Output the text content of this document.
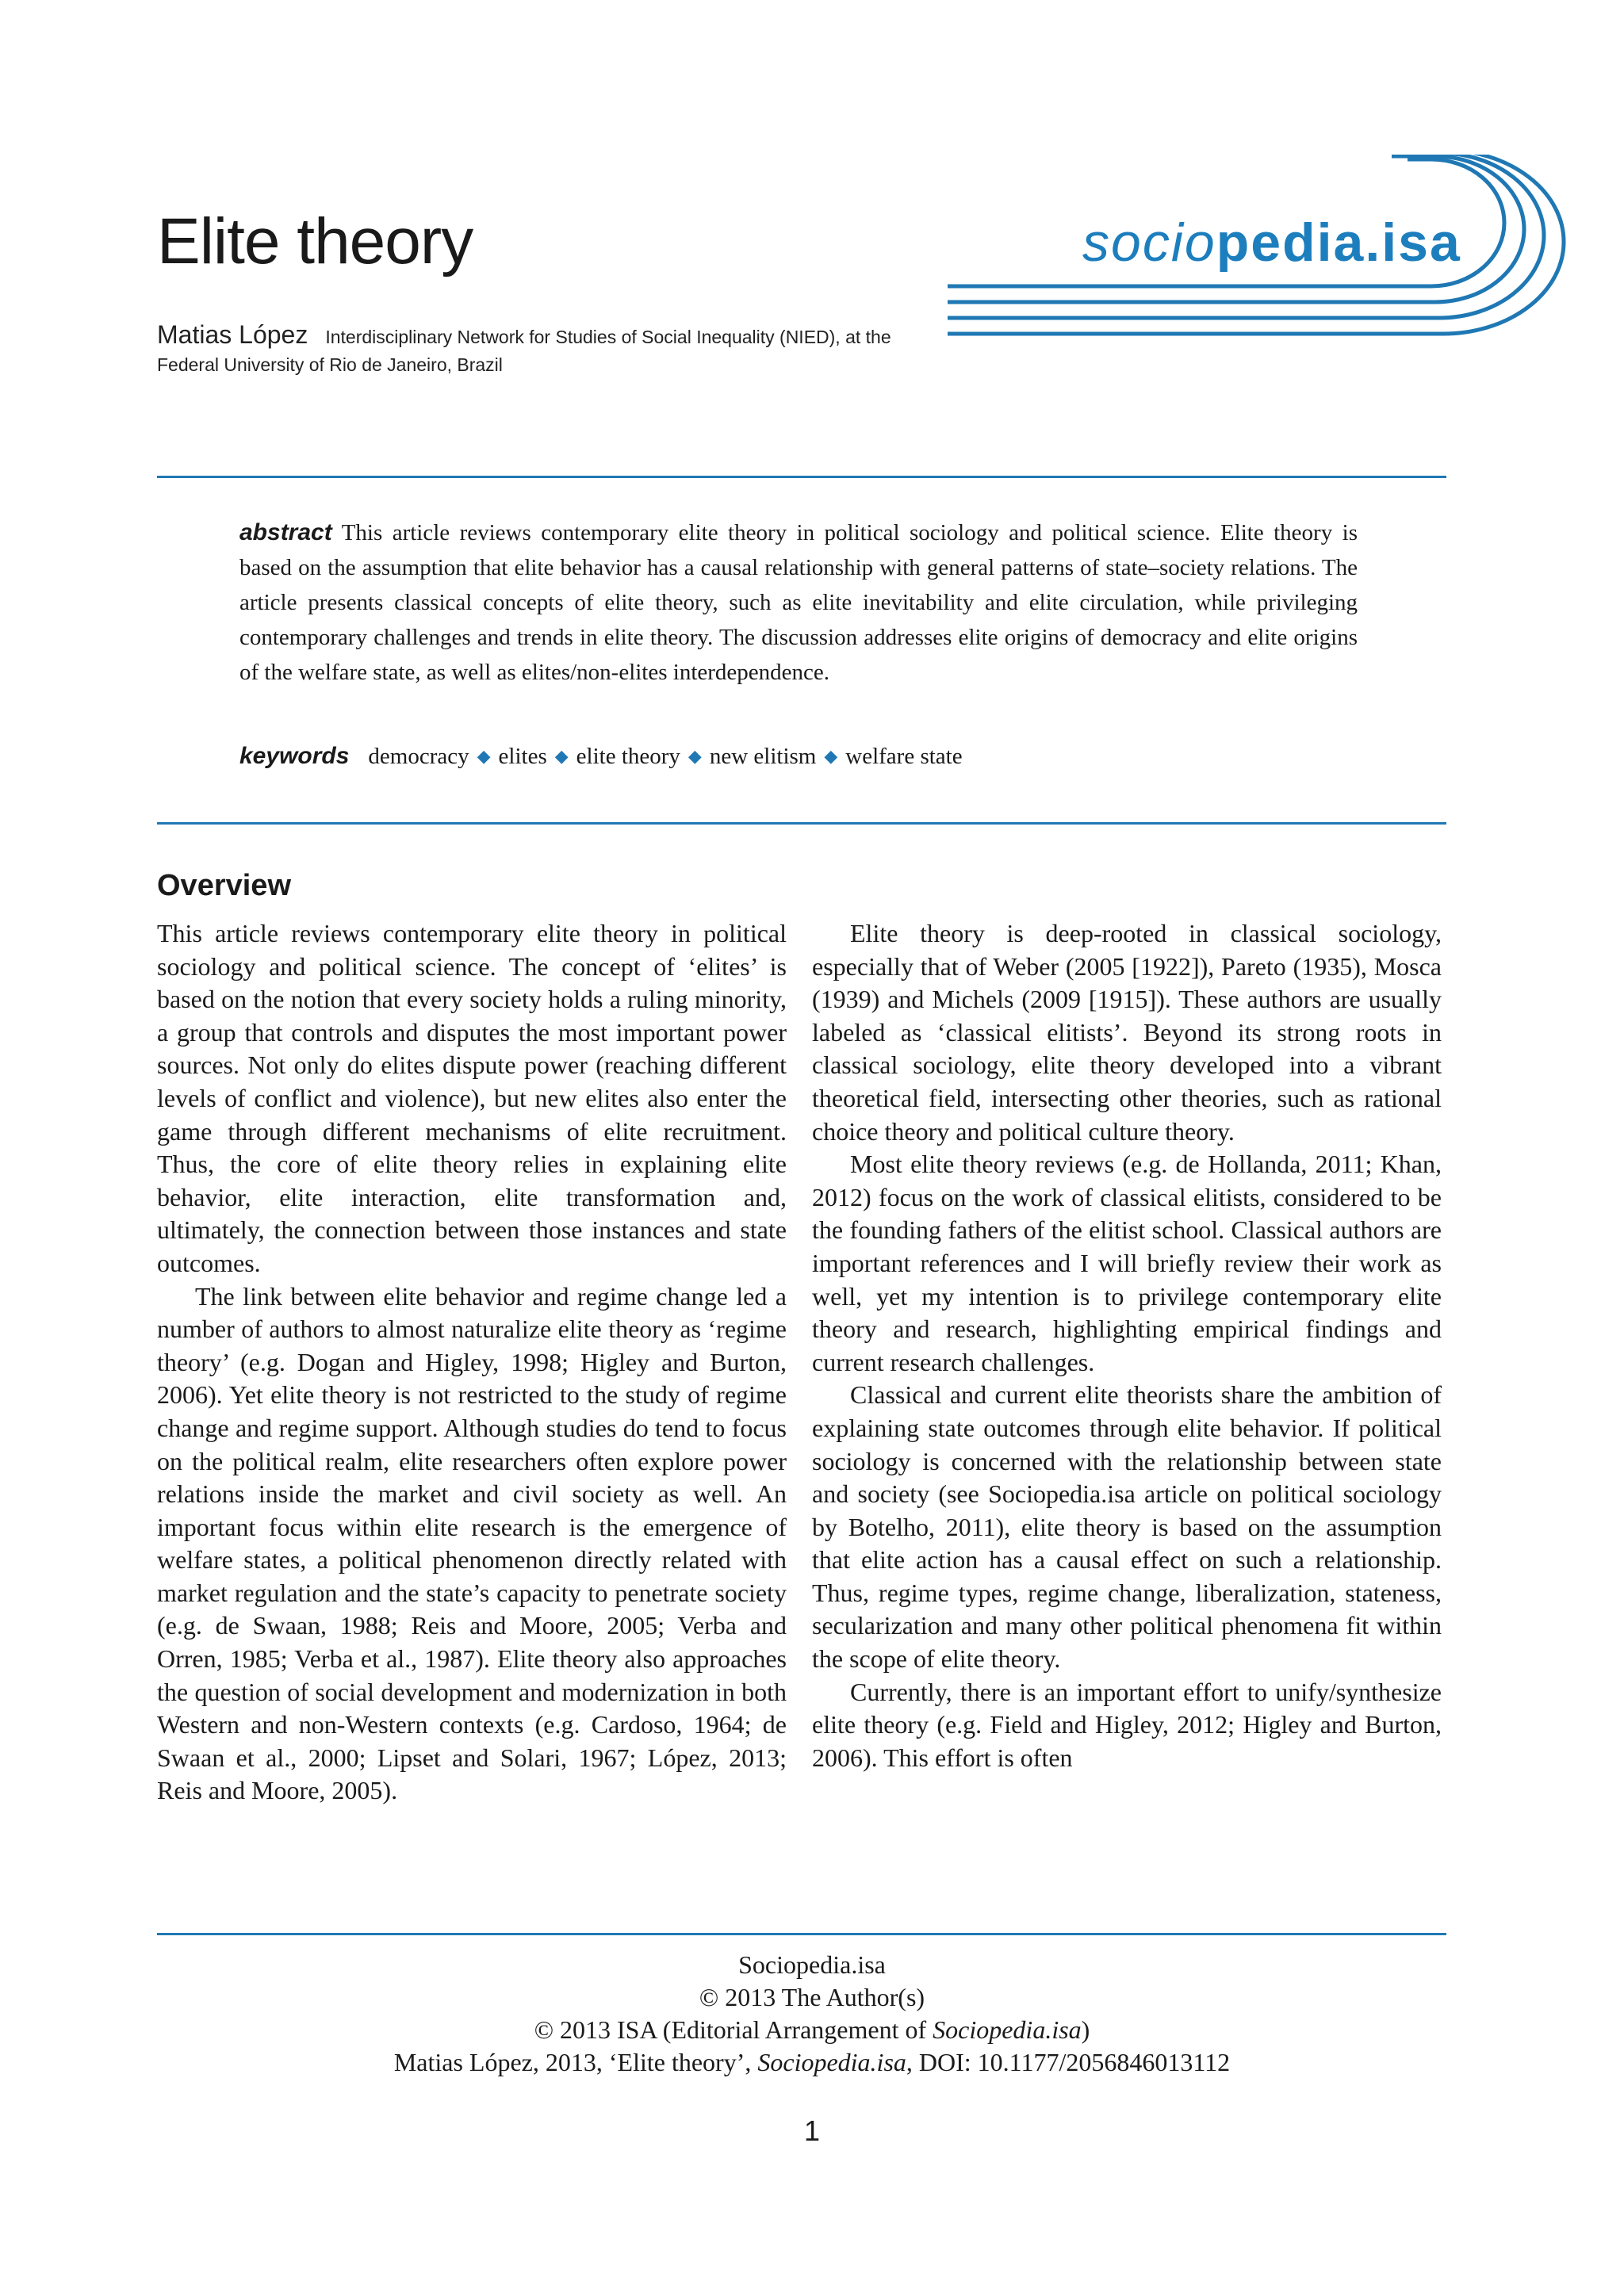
Elite theory
Matias López Interdisciplinary Network for Studies of Social Inequality (NIED), at the Federal University of Rio de Janeiro, Brazil
sociopedia.isa
abstract This article reviews contemporary elite theory in political sociology and political science. Elite theory is based on the assumption that elite behavior has a causal relationship with general patterns of state–society relations. The article presents classical concepts of elite theory, such as elite inevitability and elite circulation, while privileging contemporary challenges and trends in elite theory. The discussion addresses elite origins of democracy and elite origins of the welfare state, as well as elites/non-elites interdependence.
keywords democracy ◆ elites ◆ elite theory ◆ new elitism ◆ welfare state
Overview

This article reviews contemporary elite theory in political sociology and political science. The concept of ‘elites’ is based on the notion that every society holds a ruling minority, a group that controls and disputes the most important power sources. Not only do elites dispute power (reaching different levels of conflict and violence), but new elites also enter the game through different mechanisms of elite recruitment. Thus, the core of elite theory relies in explaining elite behavior, elite interaction, elite transformation and, ultimately, the connection between those instances and state outcomes.

The link between elite behavior and regime change led a number of authors to almost naturalize elite theory as ‘regime theory’ (e.g. Dogan and Higley, 1998; Higley and Burton, 2006). Yet elite theory is not restricted to the study of regime change and regime support. Although studies do tend to focus on the political realm, elite researchers often explore power relations inside the market and civil society as well. An important focus within elite research is the emergence of welfare states, a political phenomenon directly related with market regulation and the state’s capacity to penetrate society (e.g. de Swaan, 1988; Reis and Moore, 2005; Verba and Orren, 1985; Verba et al., 1987). Elite theory also approaches the question of social development and modernization in both Western and non-Western contexts (e.g. Cardoso, 1964; de Swaan et al., 2000; Lipset and Solari, 1967; López, 2013; Reis and Moore, 2005).

Elite theory is deep-rooted in classical sociology, especially that of Weber (2005 [1922]), Pareto (1935), Mosca (1939) and Michels (2009 [1915]). These authors are usually labeled as ‘classical elitists’. Beyond its strong roots in classical sociology, elite theory developed into a vibrant theoretical field, intersecting other theories, such as rational choice theory and political culture theory.

Most elite theory reviews (e.g. de Hollanda, 2011; Khan, 2012) focus on the work of classical elitists, considered to be the founding fathers of the elitist school. Classical authors are important references and I will briefly review their work as well, yet my intention is to privilege contemporary elite theory and research, highlighting empirical findings and current research challenges.

Classical and current elite theorists share the ambition of explaining state outcomes through elite behavior. If political sociology is concerned with the relationship between state and society (see Sociopedia.isa article on political sociology by Botelho, 2011), elite theory is based on the assumption that elite action has a causal effect on such a relationship. Thus, regime types, regime change, liberalization, stateness, secularization and many other political phenomena fit within the scope of elite theory.

Currently, there is an important effort to unify/synthesize elite theory (e.g. Field and Higley, 2012; Higley and Burton, 2006). This effort is often

Sociopedia.isa
© 2013 The Author(s)
© 2013 ISA (Editorial Arrangement of Sociopedia.isa)
Matias López, 2013, ‘Elite theory’, Sociopedia.isa, DOI: 10.1177/2056846013112
1
